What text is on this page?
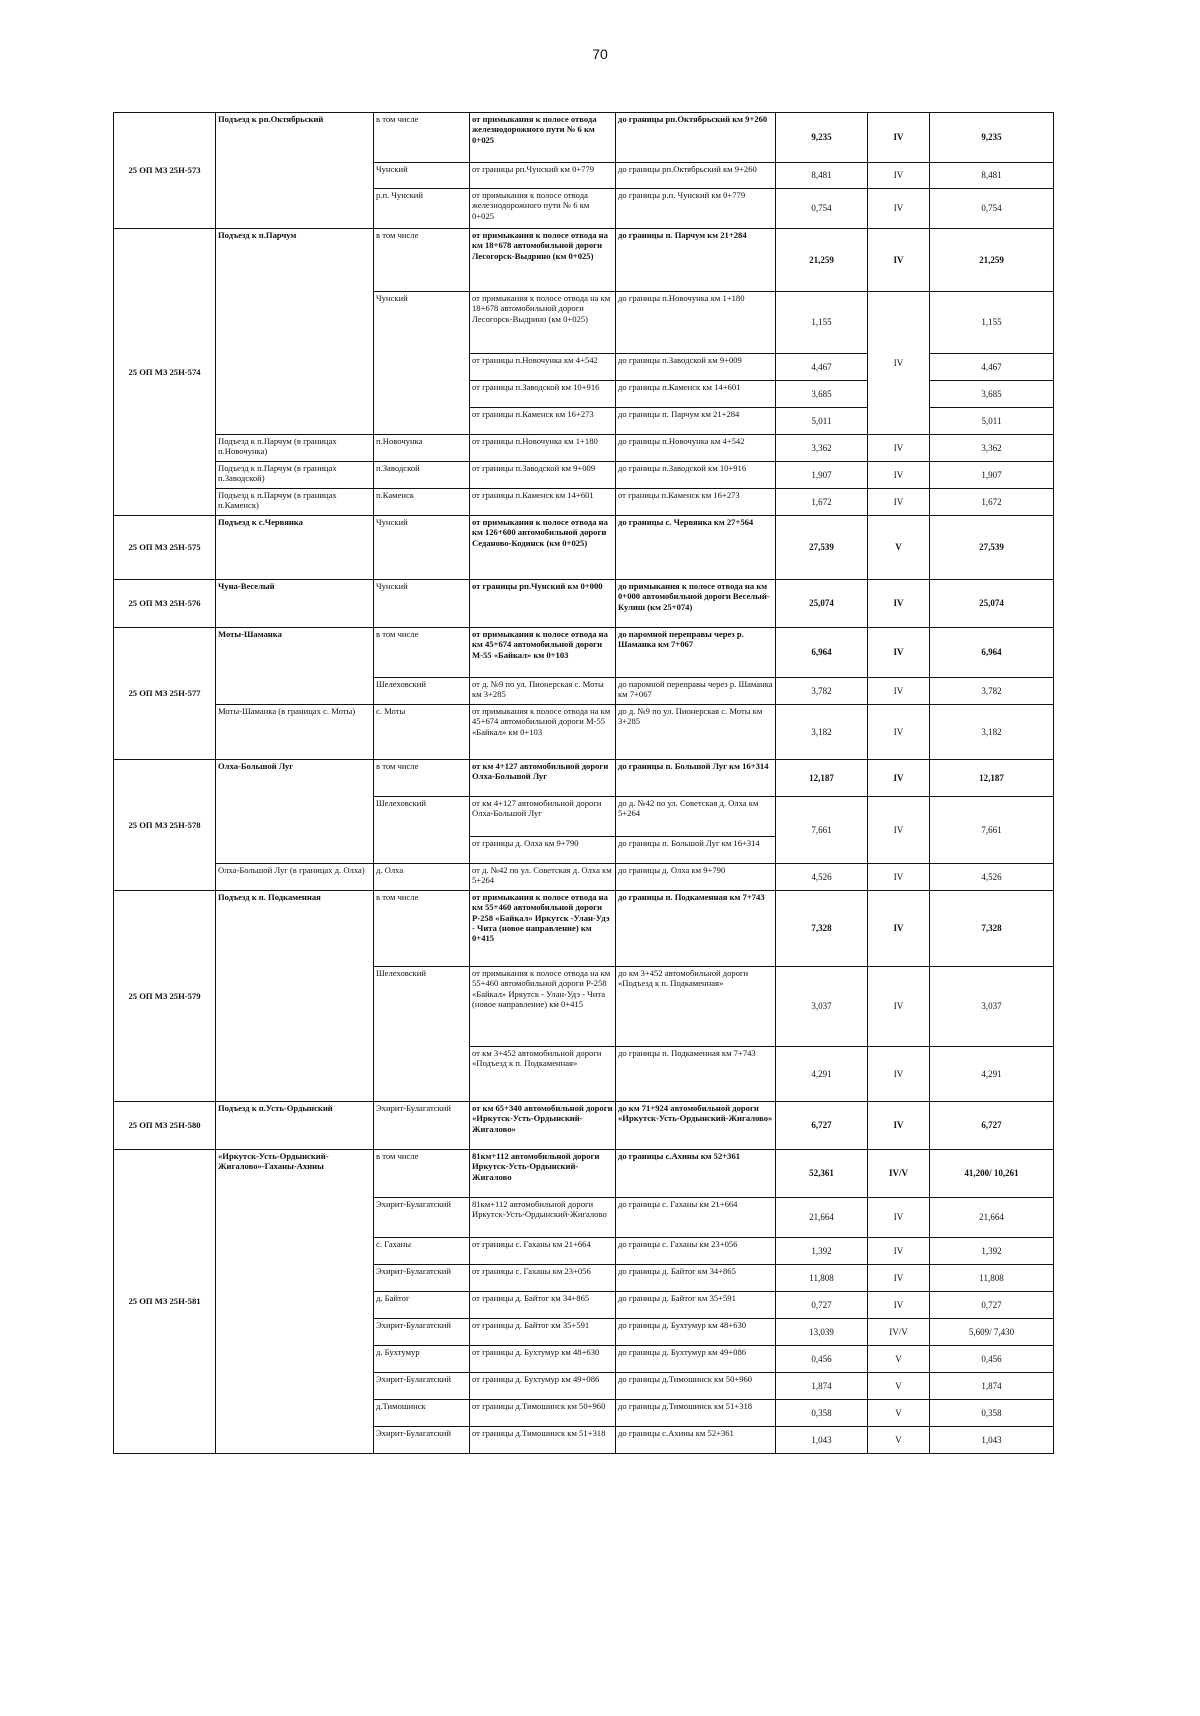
70
25 ОП МЗ 25Н-573	Подъезд к рп.Октябрьский	в том числе	от примыкания к полосе отвода железнодорожного пути № 6 км 0+025	до границы рп.Октябрьский км 9+260	9,235	IV	9,235
		Чунский	от границы рп.Чунский км 0+779	до границы рп.Октябрьский км 9+260	8,481	IV	8,481
		р.п. Чунский	от примыкания к полосе отвода железнодорожного пути № 6 км 0+025	до границы р.п. Чунский км 0+779	0,754	IV	0,754
25 ОП МЗ 25Н-574	Подъезд к п.Парчум	в том числе	от примыкания к полосе отвода на км 18+678 автомобильной дороги Лесогорск-Выдрино (км 0+025)	до границы п. Парчум км 21+284	21,259	IV	21,259
		Чунский	от примыкания к полосе отвода на км 18+678 автомобильной дороги Лесогорск-Выдрино (км 0+025)	до границы п.Новочунка км 1+180	1,155	IV	1,155
			от границы п.Новочунка км 4+542	до границы п.Заводской км 9+009	4,467		4,467
			от границы п.Заводской км 10+916	до границы п.Каменск км 14+601	3,685		3,685
			от границы п.Каменск км 16+273	до границы п. Парчум км 21+284	5,011		5,011
	Подъезд к п.Парчум (в границах п.Новочунка)	п.Новочунка	от границы п.Новочунка км 1+180	до границы п.Новочунка км 4+542	3,362	IV	3,362
	Подъезд к п.Парчум (в границах п.Заводской)	п.Заводской	от границы п.Заводской км 9+009	до границы п.Заводской км 10+916	1,907	IV	1,907
	Подъезд к п.Парчум (в границах п.Каменск)	п.Каменск	от границы п.Каменск км 14+601	от границы п.Каменск км 16+273	1,672	IV	1,672
25 ОП МЗ 25Н-575	Подъезд к с.Червянка	Чунский	от примыкания к полосе отвода на км 126+600 автомобильной дороги Седаново-Кодинск (км 0+025)	до границы с. Червянка км 27+564	27,539	V	27,539
25 ОП МЗ 25Н-576	Чуна-Веселый	Чунский	от границы рп.Чунский км 0+000	до примыкания к полосе отвода на км 0+000 автомобильной дороги Веселый-Кулиш (км 25+074)	25,074	IV	25,074
25 ОП МЗ 25Н-577	Моты-Шаманка	в том числе	от примыкания к полосе отвода на км 45+674 автомобильной дороги М-55 «Байкал» км 0+103	до паромной переправы через р. Шаманка км 7+067	6,964	IV	6,964
		Шелеховский	от д. №9 по ул. Пионерская с. Моты км 3+285	до паромной переправы через р. Шаманка км 7+067	3,782	IV	3,782
	Моты-Шаманка (в границах с. Моты)	с. Моты	от примыкания к полосе отвода на км 45+674 автомобильной дороги М-55 «Байкал» км 0+103	до д. №9 по ул. Пионерская с. Моты км 3+285	3,182	IV	3,182
25 ОП МЗ 25Н-578	Олха-Большой Луг	в том числе	от км 4+127 автомобильной дороги Олха-Большой Луг	до границы п. Большой Луг км 16+314	12,187	IV	12,187
		Шелеховский	от км 4+127 автомобильной дороги Олха-Большой Луг	до д. №42 по ул. Советская д. Олха км 5+264	7,661	IV	7,661
			от границы д. Олха км 9+790	до границы п. Большой Луг км 16+314			
	Олха-Большой Луг (в границах д. Олха)	д. Олха	от д. №42 по ул. Советская д. Олха км 5+264	до границы д. Олха км 9+790	4,526	IV	4,526
25 ОП МЗ 25Н-579	Подъезд к п. Подкаменная	в том числе	от примыкания к полосе отвода на км 55+460 автомобильной дороги Р-258 «Байкал» Иркутск -Улан-Удэ - Чита (новое направление) км 0+415	до границы п. Подкаменная км 7+743	7,328	IV	7,328
		Шелеховский	от примыкания к полосе отвода на км 55+460 автомобильной дороги Р-258 «Байкал» Иркутск - Улан-Удэ - Чита (новое направление) км 0+415	до км 3+452 автомобильной дороги «Подъезд к п. Подкаменная»	3,037	IV	3,037
			от км 3+452 автомобильной дороги «Подъезд к п. Подкаменная»	до границы п. Подкаменная км 7+743	4,291	IV	4,291
25 ОП МЗ 25Н-580	Подъезд к п.Усть-Ордынский	Эхирит-Булагатский	от км 65+340 автомобильной дороги «Иркутск-Усть-Ордынский-Жигалово»	до км 71+924 автомобильной дороги «Иркутск-Усть-Ордынский-Жигалово»	6,727	IV	6,727
25 ОП МЗ 25Н-581	«Иркутск-Усть-Ордынский-Жигалово»-Гаханы-Ахины	в том числе	81км+112 автомобильной дороги Иркутск-Усть-Ордынский-Жигалово	до границы с.Ахины км 52+361	52,361	IV/V	41,200/ 10,261
		Эхирит-Булагатский	81км+112 автомобильной дороги Иркутск-Усть-Ордынский-Жигалово	до границы с. Гаханы км 21+664	21,664	IV	21,664
		с. Гаханы	от границы с. Гаханы км 21+664	до границы с. Гаханы км 23+056	1,392	IV	1,392
		Эхирит-Булагатский	от границы с. Гаханы км 23+056	до границы д. Байтог км 34+865	11,808	IV	11,808
		д. Байтог	от границы д. Байтог км 34+865	до границы д. Байтог км 35+591	0,727	IV	0,727
		Эхирит-Булагатский	от границы д. Байтог км 35+591	до границы д. Бухтумур км 48+630	13,039	IV/V	5,609/ 7,430
		д. Бухтумур	от границы д. Бухтумур км 48+630	до границы д. Бухтумур км 49+086	0,456	V	0,456
		Эхирит-Булагатский	от границы д. Бухтумур км 49+086	до границы д.Тимошинск км 50+960	1,874	V	1,874
		д.Тимошинск	от границы д.Тимошинск км 50+960	до границы д.Тимошинск км 51+318	0,358	V	0,358
		Эхирит-Булагатский	от границы д.Тимошинск км 51+318	до границы с.Ахины км 52+361	1,043	V	1,043
